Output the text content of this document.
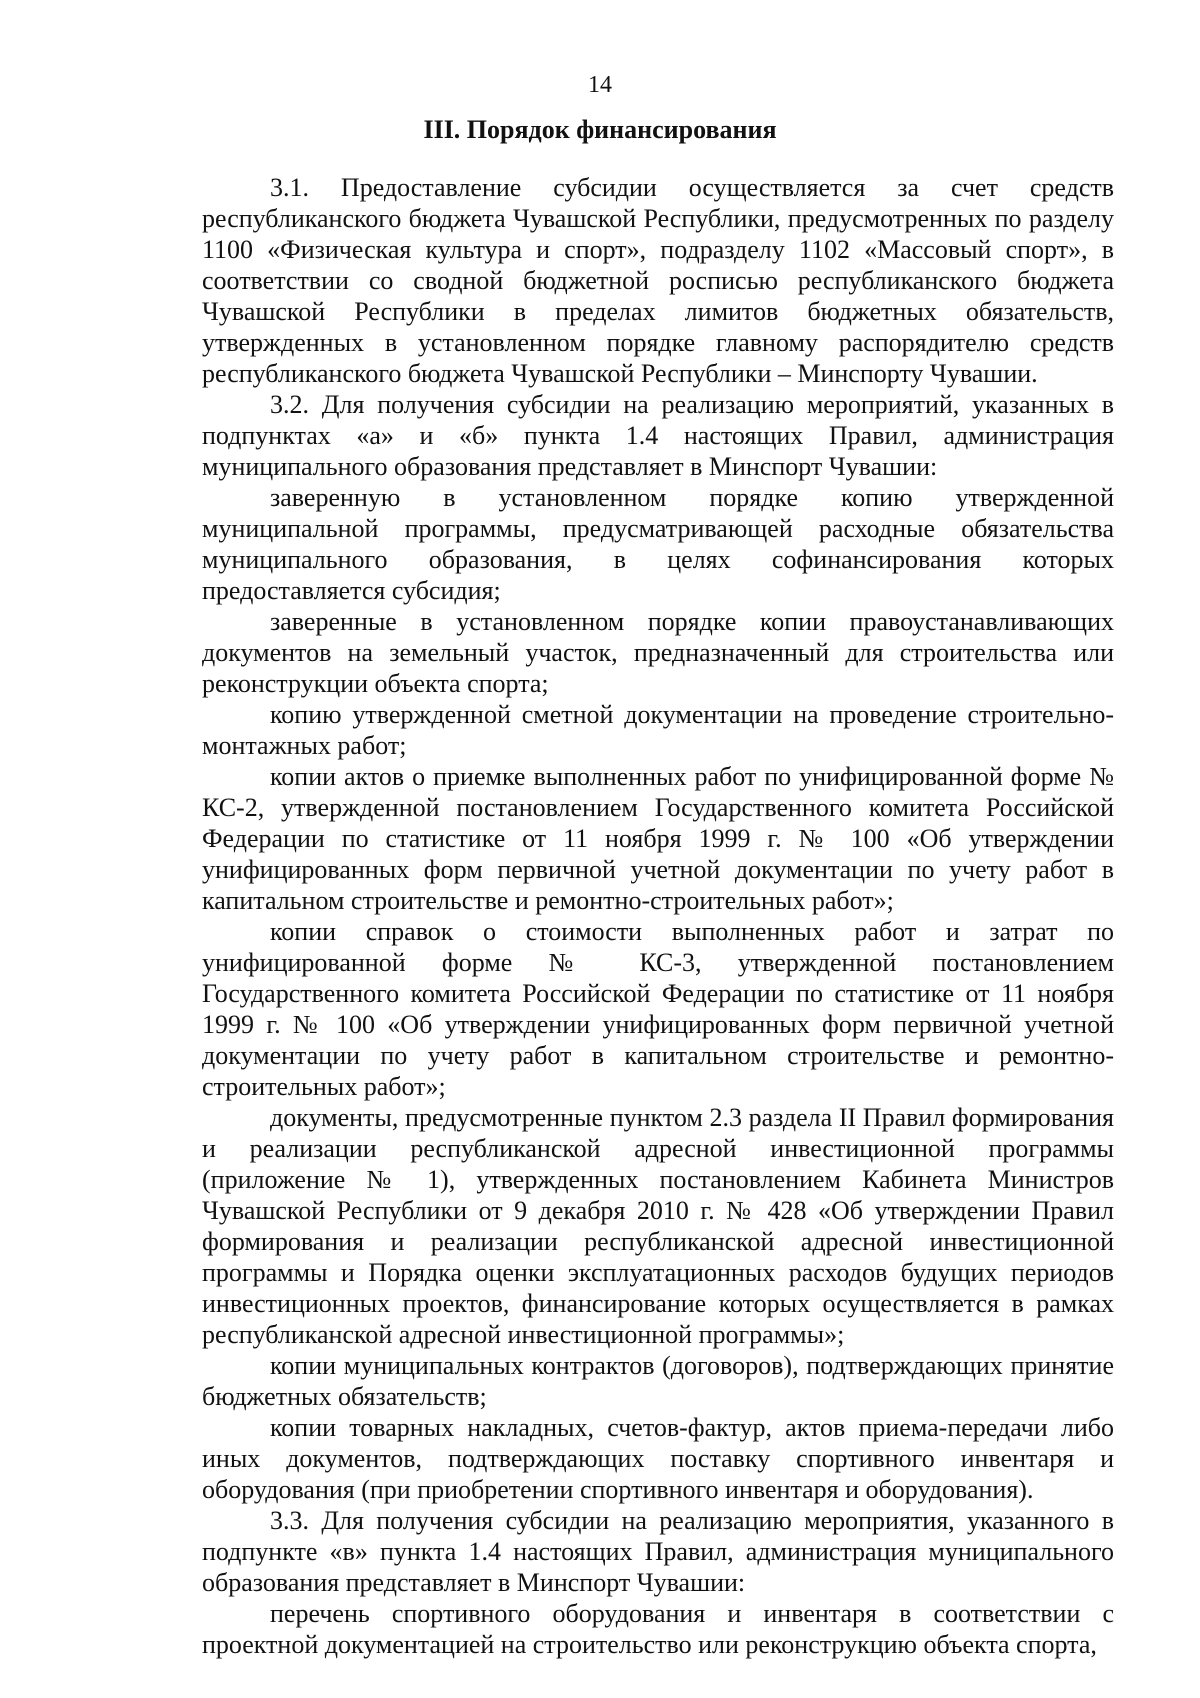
14
III. Порядок финансирования

3.1. Предоставление субсидии осуществляется за счет средств республиканского бюджета Чувашской Республики, предусмотренных по разделу 1100 «Физическая культура и спорт», подразделу 1102 «Массовый спорт», в соответствии со сводной бюджетной росписью республиканского бюджета Чувашской Республики в пределах лимитов бюджетных обязательств, утвержденных в установленном порядке главному распорядителю средств республиканского бюджета Чувашской Республики – Минспорту Чувашии.

3.2. Для получения субсидии на реализацию мероприятий, указанных в подпунктах «а» и «б» пункта 1.4 настоящих Правил, администрация муниципального образования представляет в Минспорт Чувашии:

заверенную в установленном порядке копию утвержденной муниципальной программы, предусматривающей расходные обязательства муниципального образования, в целях софинансирования которых предоставляется субсидия;

заверенные в установленном порядке копии правоустанавливающих документов на земельный участок, предназначенный для строительства или реконструкции объекта спорта;

копию утвержденной сметной документации на проведение строительно-монтажных работ;

копии актов о приемке выполненных работ по унифицированной форме № КС-2, утвержденной постановлением Государственного комитета Российской Федерации по статистике от 11 ноября 1999 г. № 100 «Об утверждении унифицированных форм первичной учетной документации по учету работ в капитальном строительстве и ремонтно-строительных работ»;

копии справок о стоимости выполненных работ и затрат по унифицированной форме № КС-3, утвержденной постановлением Государственного комитета Российской Федерации по статистике от 11 ноября 1999 г. № 100 «Об утверждении унифицированных форм первичной учетной документации по учету работ в капитальном строительстве и ремонтно-строительных работ»;

документы, предусмотренные пунктом 2.3 раздела II Правил формирования и реализации республиканской адресной инвестиционной программы (приложение № 1), утвержденных постановлением Кабинета Министров Чувашской Республики от 9 декабря 2010 г. № 428 «Об утверждении Правил формирования и реализации республиканской адресной инвестиционной программы и Порядка оценки эксплуатационных расходов будущих периодов инвестиционных проектов, финансирование которых осуществляется в рамках республиканской адресной инвестиционной программы»;

копии муниципальных контрактов (договоров), подтверждающих принятие бюджетных обязательств;

копии товарных накладных, счетов-фактур, актов приема-передачи либо иных документов, подтверждающих поставку спортивного инвентаря и оборудования (при приобретении спортивного инвентаря и оборудования).

3.3. Для получения субсидии на реализацию мероприятия, указанного в подпункте «в» пункта 1.4 настоящих Правил, администрация муниципального образования представляет в Минспорт Чувашии:

перечень спортивного оборудования и инвентаря в соответствии с проектной документацией на строительство или реконструкцию объекта спорта,
